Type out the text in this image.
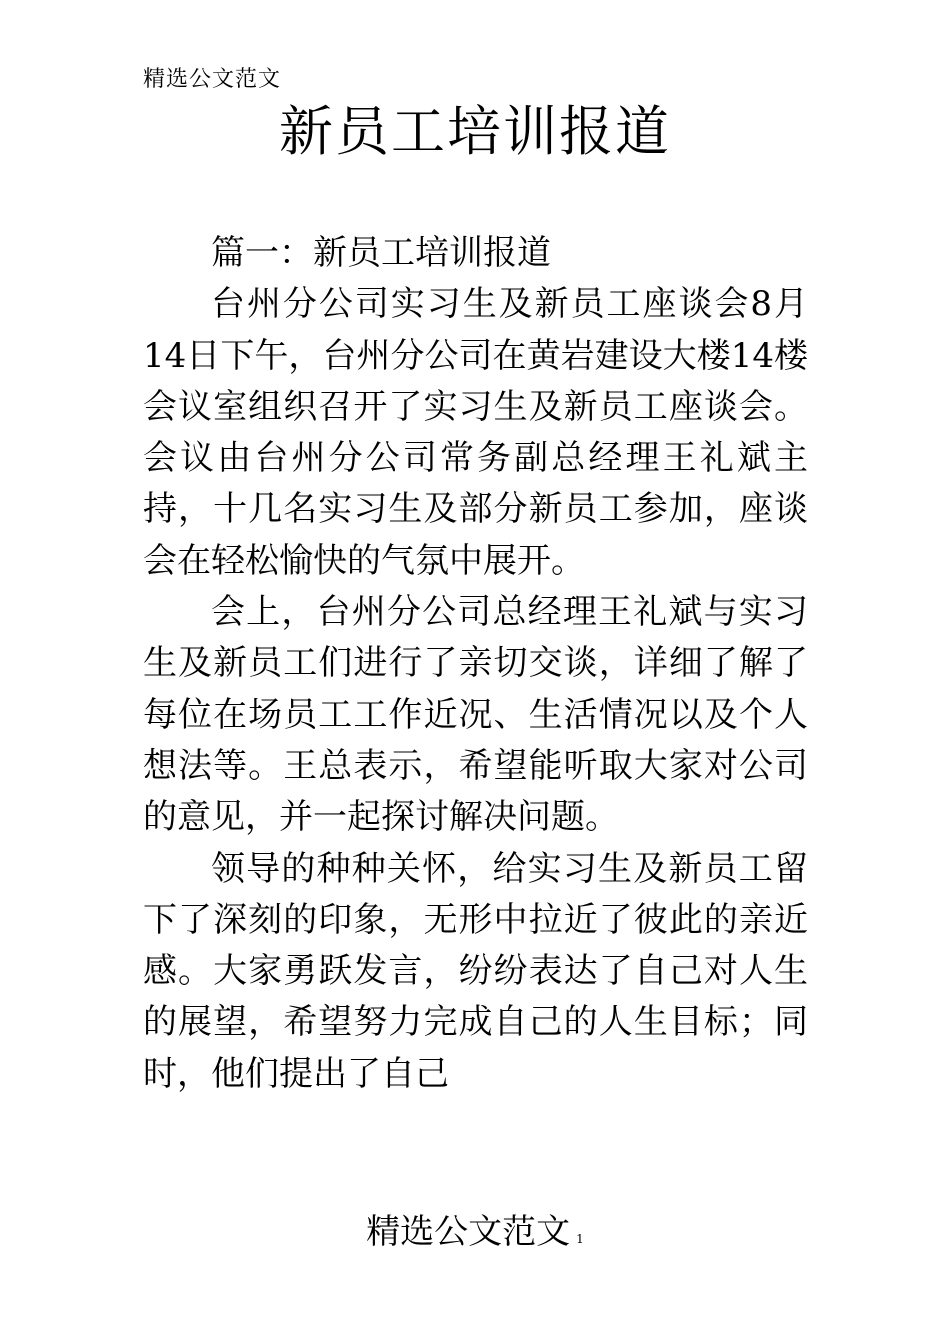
精选公文范文
新员工培训报道

篇一：新员工培训报道

台州分公司实习生及新员工座谈会8月14日下午，台州分公司在黄岩建设大楼14楼会议室组织召开了实习生及新员工座谈会。会议由台州分公司常务副总经理王礼斌主持，十几名实习生及部分新员工参加，座谈会在轻松愉快的气氛中展开。

会上，台州分公司总经理王礼斌与实习生及新员工们进行了亲切交谈，详细了解了每位在场员工工作近况、生活情况以及个人想法等。王总表示，希望能听取大家对公司的意见，并一起探讨解决问题。

领导的种种关怀，给实习生及新员工留下了深刻的印象，无形中拉近了彼此的亲近感。大家勇跃发言，纷纷表达了自己对人生的展望，希望努力完成自己的人生目标；同时，他们提出了自己

精选公文范文 1
